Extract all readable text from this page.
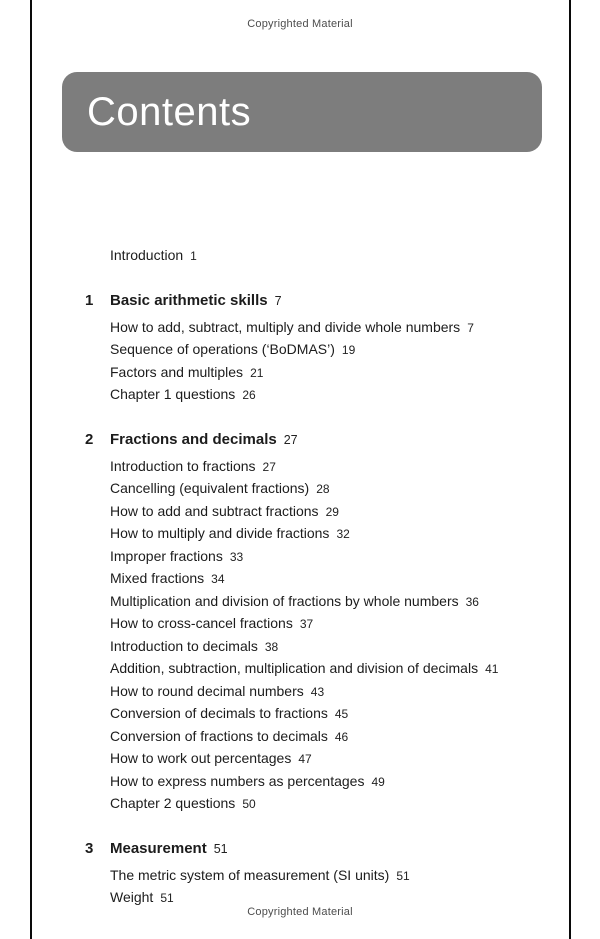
Copyrighted Material
Contents
Introduction 1
1 Basic arithmetic skills 7
How to add, subtract, multiply and divide whole numbers 7
Sequence of operations (‘BoDMAS’) 19
Factors and multiples 21
Chapter 1 questions 26
2 Fractions and decimals 27
Introduction to fractions 27
Cancelling (equivalent fractions) 28
How to add and subtract fractions 29
How to multiply and divide fractions 32
Improper fractions 33
Mixed fractions 34
Multiplication and division of fractions by whole numbers 36
How to cross-cancel fractions 37
Introduction to decimals 38
Addition, subtraction, multiplication and division of decimals 41
How to round decimal numbers 43
Conversion of decimals to fractions 45
Conversion of fractions to decimals 46
How to work out percentages 47
How to express numbers as percentages 49
Chapter 2 questions 50
3 Measurement 51
The metric system of measurement (SI units) 51
Weight 51
Copyrighted Material
